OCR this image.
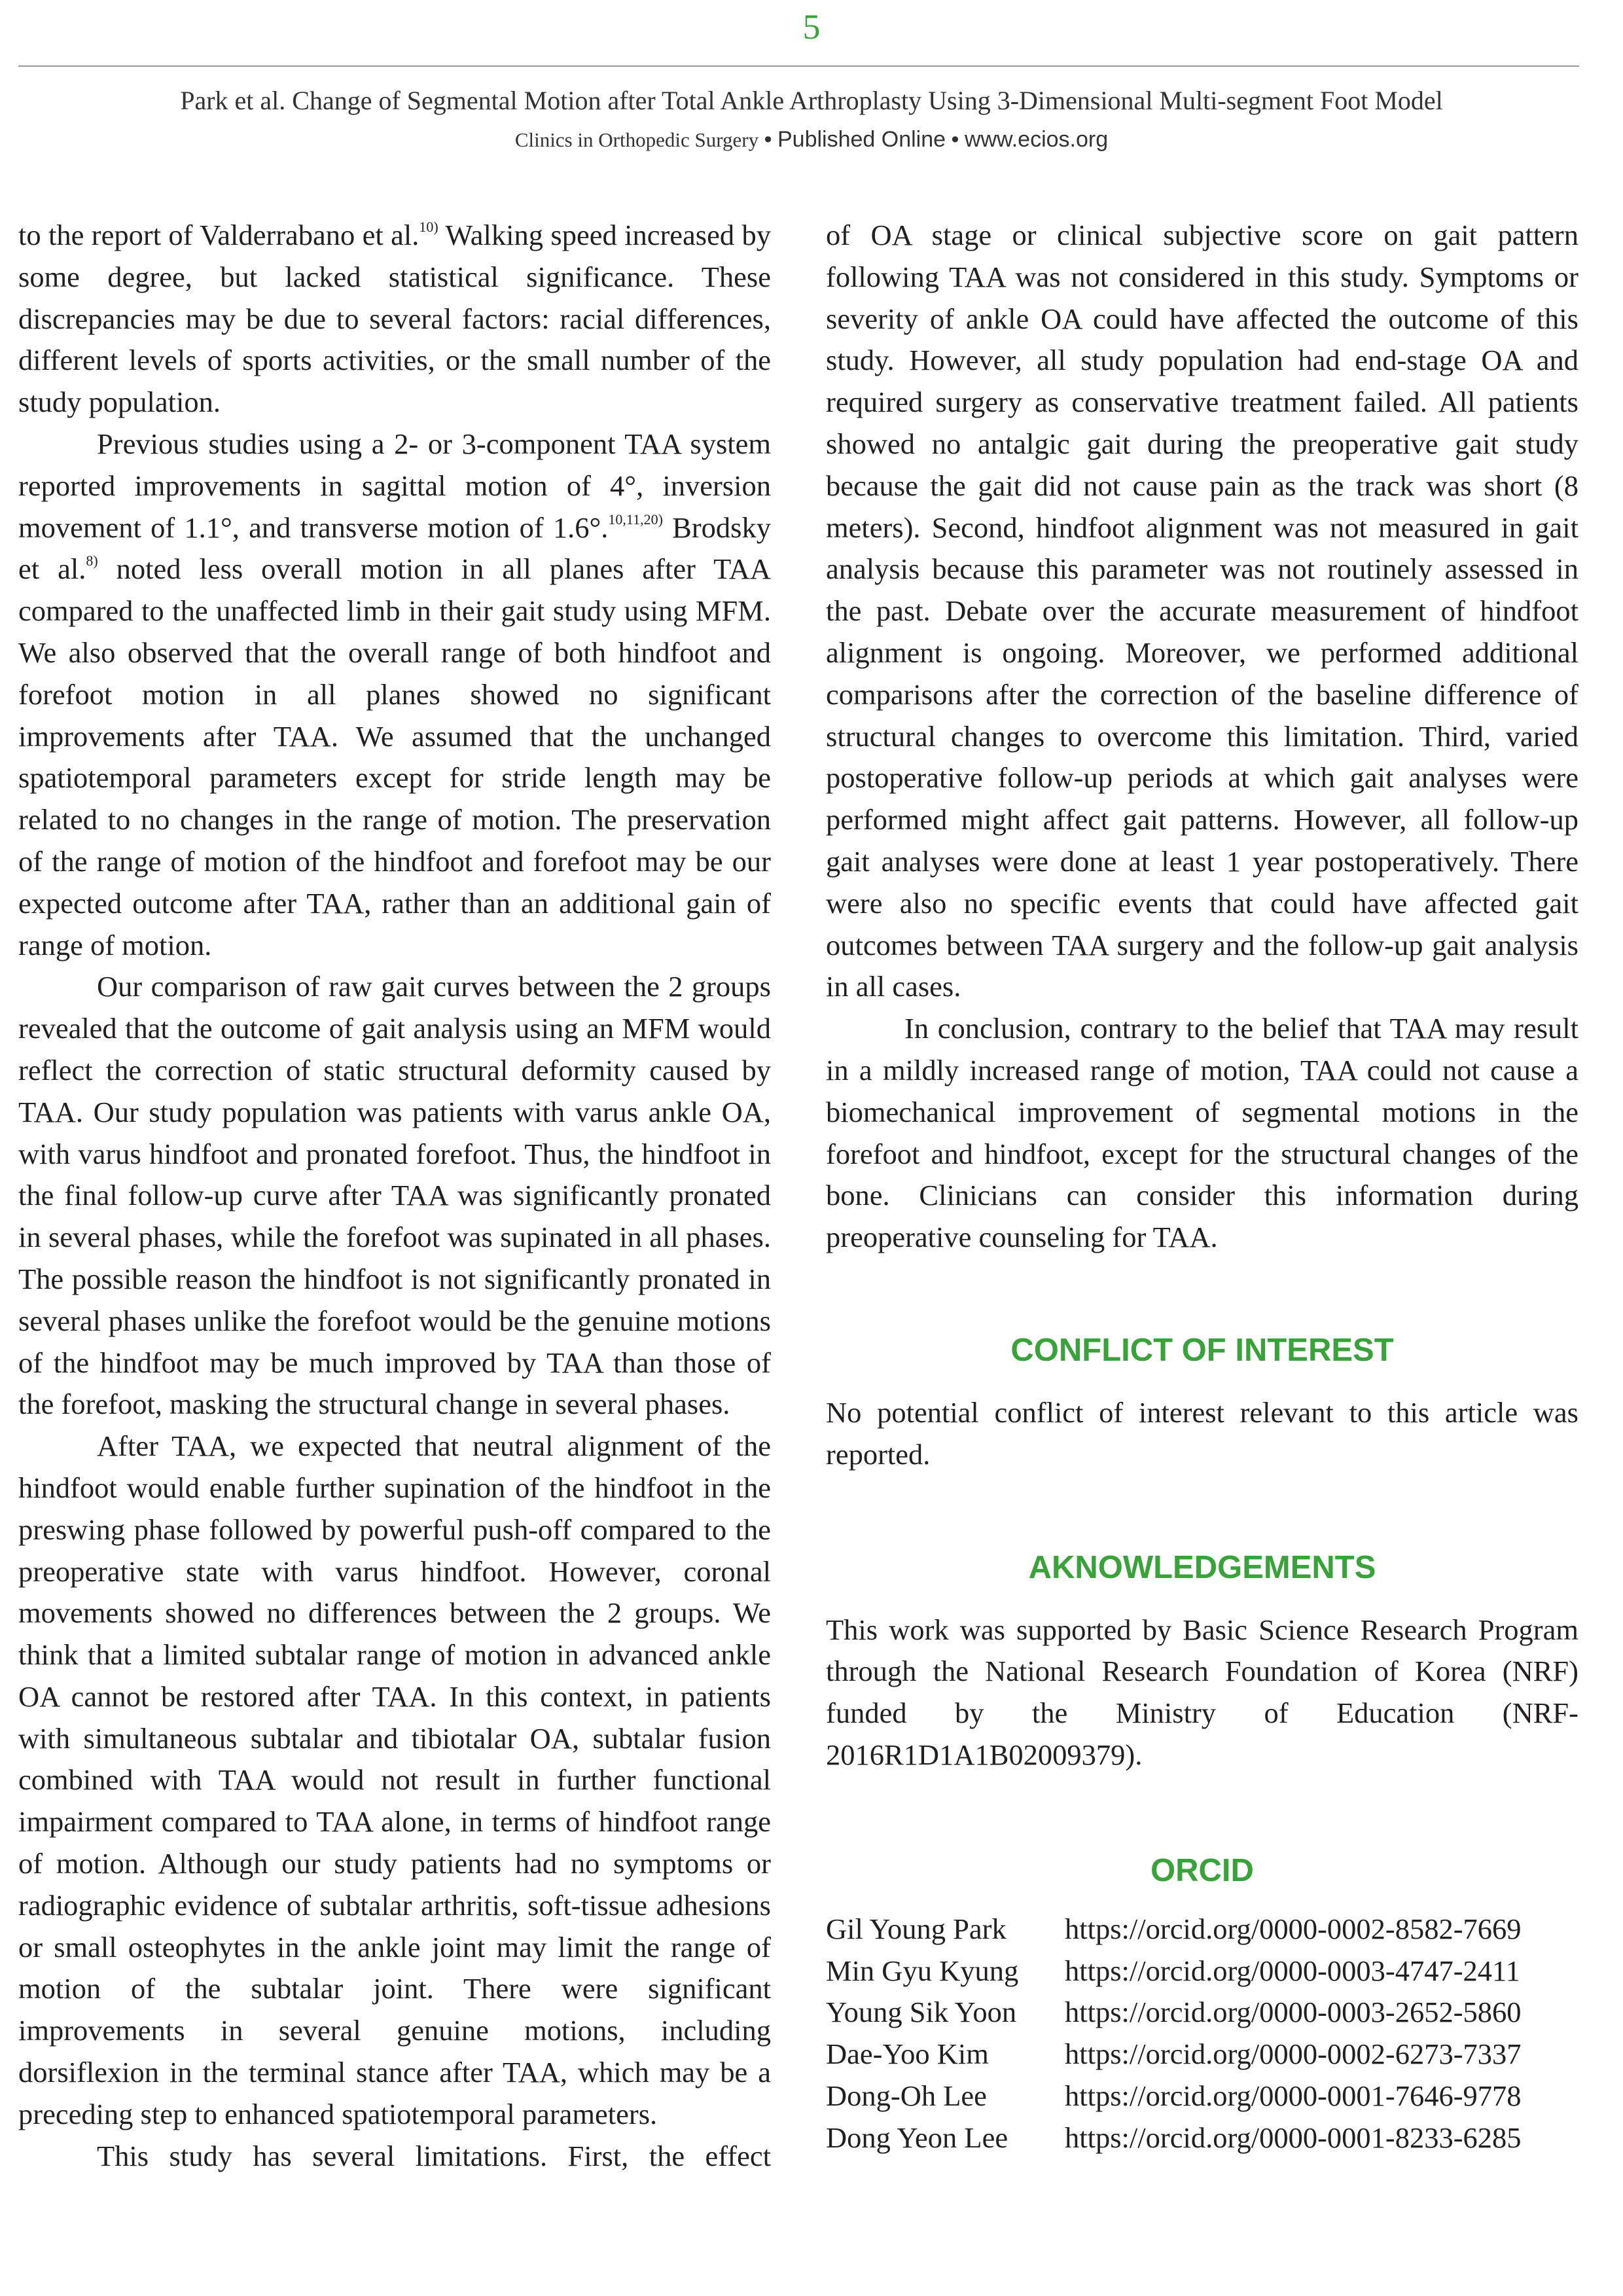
5
Park et al. Change of Segmental Motion after Total Ankle Arthroplasty Using 3-Dimensional Multi-segment Foot Model
Clinics in Orthopedic Surgery • Published Online • www.ecios.org

to the report of Valderrabano et al.$^{10)}$ Walking speed increased by some degree, but lacked statistical significance. These discrepancies may be due to several factors: racial differences, different levels of sports activities, or the small number of the study population.

Previous studies using a 2- or 3-component TAA system reported improvements in sagittal motion of 4°, inversion movement of 1.1°, and transverse motion of 1.6°.$^{10,11,20)}$ Brodsky et al.$^{8)}$ noted less overall motion in all planes after TAA compared to the unaffected limb in their gait study using MFM. We also observed that the overall range of both hindfoot and forefoot motion in all planes showed no significant improvements after TAA. We assumed that the unchanged spatiotemporal parameters except for stride length may be related to no changes in the range of motion. The preservation of the range of motion of the hindfoot and forefoot may be our expected outcome after TAA, rather than an additional gain of range of motion.

Our comparison of raw gait curves between the 2 groups revealed that the outcome of gait analysis using an MFM would reflect the correction of static structural deformity caused by TAA. Our study population was patients with varus ankle OA, with varus hindfoot and pronated forefoot. Thus, the hindfoot in the final follow-up curve after TAA was significantly pronated in several phases, while the forefoot was supinated in all phases. The possible reason the hindfoot is not significantly pronated in several phases unlike the forefoot would be the genuine motions of the hindfoot may be much improved by TAA than those of the forefoot, masking the structural change in several phases.

After TAA, we expected that neutral alignment of the hindfoot would enable further supination of the hindfoot in the preswing phase followed by powerful push-off compared to the preoperative state with varus hindfoot. However, coronal movements showed no differences between the 2 groups. We think that a limited subtalar range of motion in advanced ankle OA cannot be restored after TAA. In this context, in patients with simultaneous subtalar and tibiotalar OA, subtalar fusion combined with TAA would not result in further functional impairment compared to TAA alone, in terms of hindfoot range of motion. Although our study patients had no symptoms or radiographic evidence of subtalar arthritis, soft-tissue adhesions or small osteophytes in the ankle joint may limit the range of motion of the subtalar joint. There were significant improvements in several genuine motions, including dorsiflexion in the terminal stance after TAA, which may be a preceding step to enhanced spatiotemporal parameters.

This study has several limitations. First, the effect

of OA stage or clinical subjective score on gait pattern following TAA was not considered in this study. Symptoms or severity of ankle OA could have affected the outcome of this study. However, all study population had end-stage OA and required surgery as conservative treatment failed. All patients showed no antalgic gait during the preoperative gait study because the gait did not cause pain as the track was short (8 meters). Second, hindfoot alignment was not measured in gait analysis because this parameter was not routinely assessed in the past. Debate over the accurate measurement of hindfoot alignment is ongoing. Moreover, we performed additional comparisons after the correction of the baseline difference of structural changes to overcome this limitation. Third, varied postoperative follow-up periods at which gait analyses were performed might affect gait patterns. However, all follow-up gait analyses were done at least 1 year postoperatively. There were also no specific events that could have affected gait outcomes between TAA surgery and the follow-up gait analysis in all cases.

In conclusion, contrary to the belief that TAA may result in a mildly increased range of motion, TAA could not cause a biomechanical improvement of segmental motions in the forefoot and hindfoot, except for the structural changes of the bone. Clinicians can consider this information during preoperative counseling for TAA.

CONFLICT OF INTEREST

No potential conflict of interest relevant to this article was reported.

AKNOWLEDGEMENTS

This work was supported by Basic Science Research Program through the National Research Foundation of Korea (NRF) funded by the Ministry of Education (NRF-2016R1D1A1B02009379).

ORCID
Gil Young Park	https://orcid.org/0000-0002-8582-7669
Min Gyu Kyung	https://orcid.org/0000-0003-4747-2411
Young Sik Yoon	https://orcid.org/0000-0003-2652-5860
Dae-Yoo Kim	https://orcid.org/0000-0002-6273-7337
Dong-Oh Lee	https://orcid.org/0000-0001-7646-9778
Dong Yeon Lee	https://orcid.org/0000-0001-8233-6285
